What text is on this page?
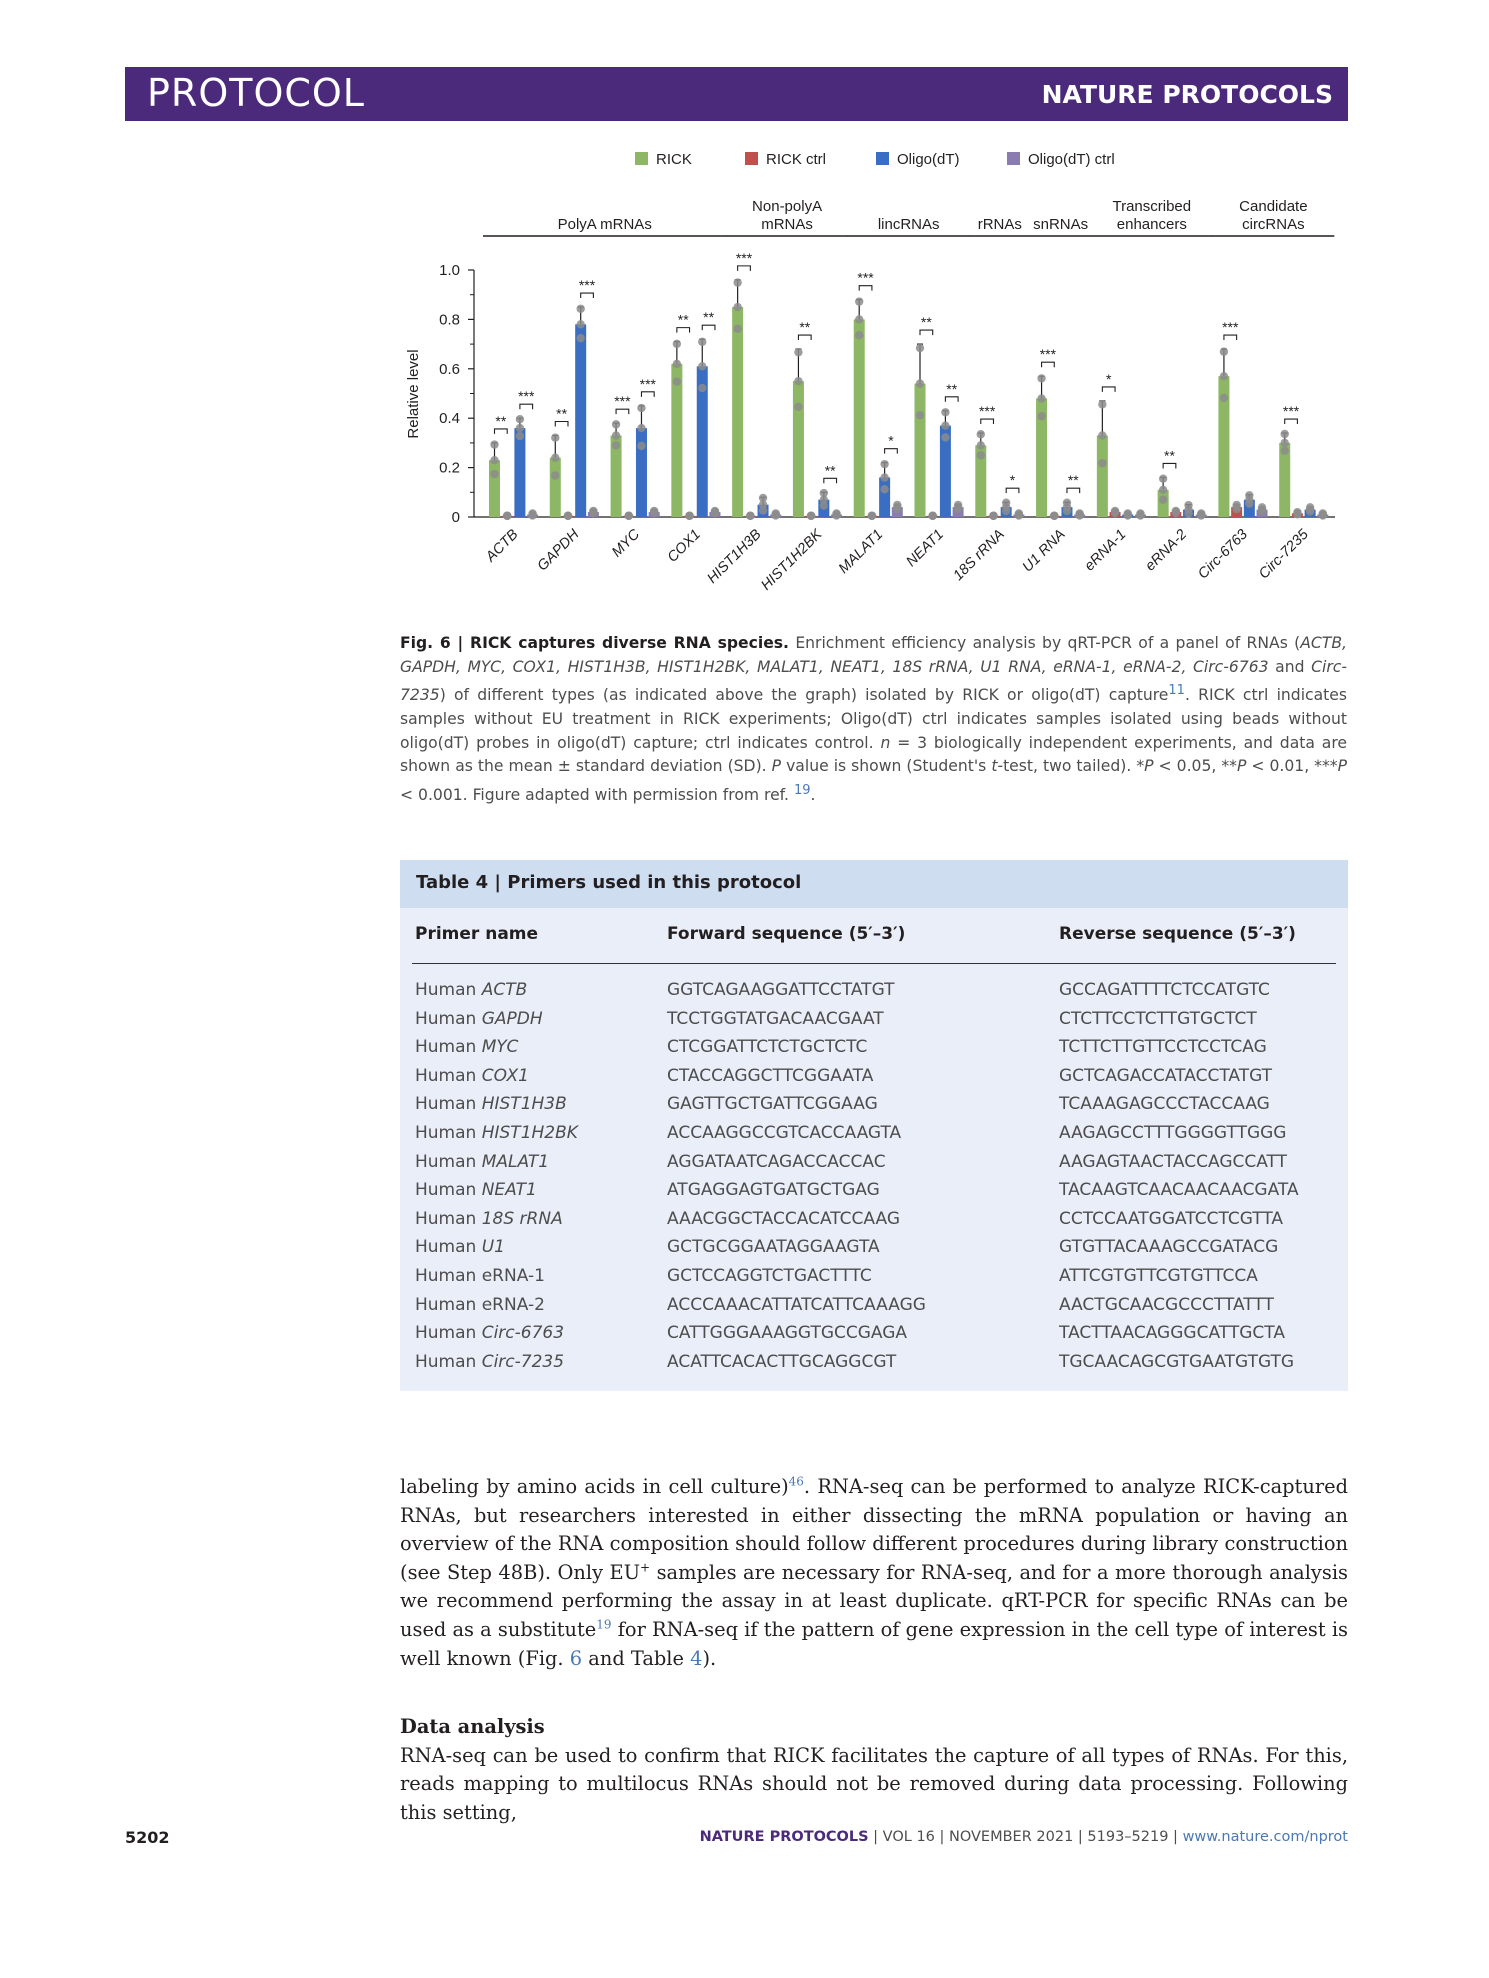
PROTOCOL	NATURE PROTOCOLS
RICK	RICK ctrl	Oligo(dT)	Oligo(dT) ctrl
PolyA mRNAs
Non-polyA
mRNAs	lincRNAs	rRNAs snRNAs
Transcribed
enhancers
Candidate
circRNAs
0
0.2
0.4
0.6
0.8
1.0
Relative level	**
***
**
***
***
***
** **
***
**
**
***
*
**
**
***
*
***
**
*
**
***
***
ACTB GAPDH MYC COX1 HIST1H3B
HIST1H2BK MALAT1 NEAT1 18S rRNA U1 RNA eRNA-1 eRNA-2 Circ-6763 Circ-7235
Fig. 6 | RICK captures diverse RNA species. Enrichment efficiency analysis by qRT-PCR of a panel of RNAs (ACTB, GAPDH, MYC, COX1, HIST1H3B, HIST1H2BK, MALAT1, NEAT1, 18S rRNA, U1 RNA, eRNA-1, eRNA-2, Circ-6763 and Circ-7235) of different types (as indicated above the graph) isolated by RICK or oligo(dT) capture$^{11}$. RICK ctrl indicates samples without EU treatment in RICK experiments; Oligo(dT) ctrl indicates samples isolated using beads without oligo(dT) probes in oligo(dT) capture; ctrl indicates control. n = 3 biologically independent experiments, and data are shown as the mean ± standard deviation (SD). P value is shown (Student's t-test, two tailed). *P < 0.05, **P < 0.01, ***P < 0.001. Figure adapted with permission from ref. $^{19}$.
Table 4 | Primers used in this protocol
Primer name	Forward sequence (5′–3′)	Reverse sequence (5′–3′)
Human ACTB	GGTCAGAAGGATTCCTATGT	GCCAGATTTTCTCCATGTC
Human GAPDH	TCCTGGTATGACAACGAAT	CTCTTCCTCTTGTGCTCT
Human MYC	CTCGGATTCTCTGCTCTC	TCTTCTTGTTCCTCCTCAG
Human COX1	CTACCAGGCTTCGGAATA	GCTCAGACCATACCTATGT
Human HIST1H3B	GAGTTGCTGATTCGGAAG	TCAAAGAGCCCTACCAAG
Human HIST1H2BK	ACCAAGGCCGTCACCAAGTA	AAGAGCCTTTGGGGTTGGG
Human MALAT1	AGGATAATCAGACCACCAC	AAGAGTAACTACCAGCCATT
Human NEAT1	ATGAGGAGTGATGCTGAG	TACAAGTCAACAACAACGATA
Human 18S rRNA	AAACGGCTACCACATCCAAG	CCTCCAATGGATCCTCGTTA
Human U1	GCTGCGGAATAGGAAGTA	GTGTTACAAAGCCGATACG
Human eRNA-1	GCTCCAGGTCTGACTTTC	ATTCGTGTTCGTGTTCCA
Human eRNA-2	ACCCAAACATTATCATTCAAAGG	AACTGCAACGCCCTTATTT
Human Circ-6763	CATTGGGAAAGGTGCCGAGA	TACTTAACAGGGCATTGCTA
Human Circ-7235	ACATTCACACTTGCAGGCGT	TGCAACAGCGTGAATGTGTG
labeling by amino acids in cell culture)$^{46}$. RNA-seq can be performed to analyze RICK-captured RNAs, but researchers interested in either dissecting the mRNA population or having an overview of the RNA composition should follow different procedures during library construction (see Step 48B). Only EU+ samples are necessary for RNA-seq, and for a more thorough analysis we recommend performing the assay in at least duplicate. qRT-PCR for specific RNAs can be used as a substitute$^{19}$ for RNA-seq if the pattern of gene expression in the cell type of interest is well known (Fig. 6 and Table 4).
Data analysis
RNA-seq can be used to confirm that RICK facilitates the capture of all types of RNAs. For this, reads mapping to multilocus RNAs should not be removed during data processing. Following this setting,
5202	NATURE PROTOCOLS | VOL 16 | NOVEMBER 2021 | 5193–5219 | www.nature.com/nprot
